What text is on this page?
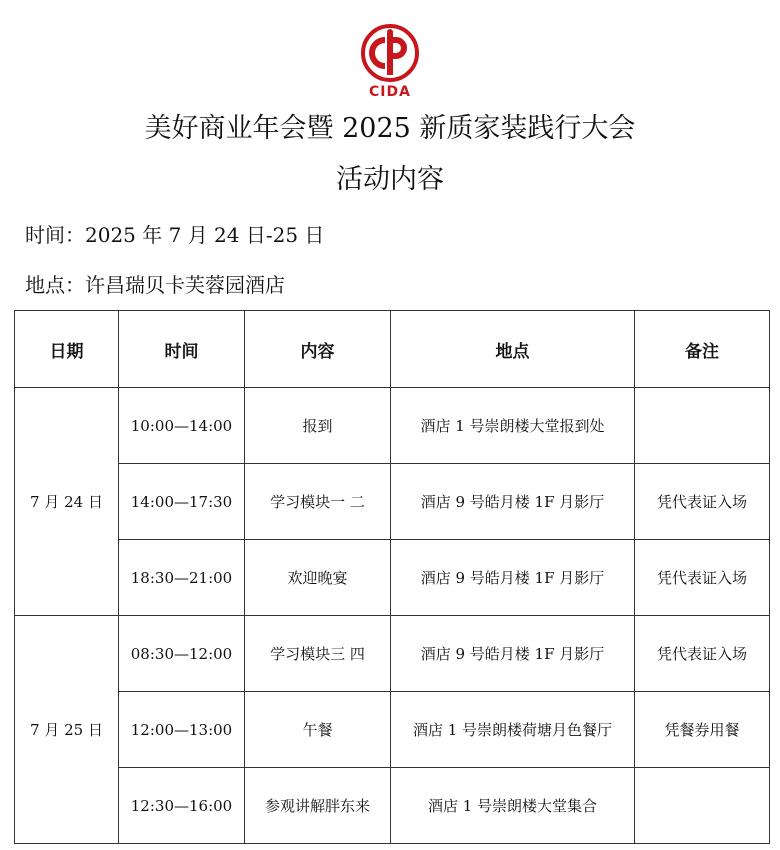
CIDA
美好商业年会暨 2025 新质家装践行大会
活动内容
时间：2025 年 7 月 24 日-25 日
地点：许昌瑞贝卡芙蓉园酒店
日期	时间	内容	地点	备注
7 月 24 日	10:00—14:00	报到	酒店 1 号崇朗楼大堂报到处	
	14:00—17:30	学习模块一 二	酒店 9 号皓月楼 1F 月影厅	凭代表证入场
	18:30—21:00	欢迎晚宴	酒店 9 号皓月楼 1F 月影厅	凭代表证入场
7 月 25 日	08:30—12:00	学习模块三 四	酒店 9 号皓月楼 1F 月影厅	凭代表证入场
	12:00—13:00	午餐	酒店 1 号崇朗楼荷塘月色餐厅	凭餐券用餐
	12:30—16:00	参观讲解胖东来	酒店 1 号崇朗楼大堂集合	
